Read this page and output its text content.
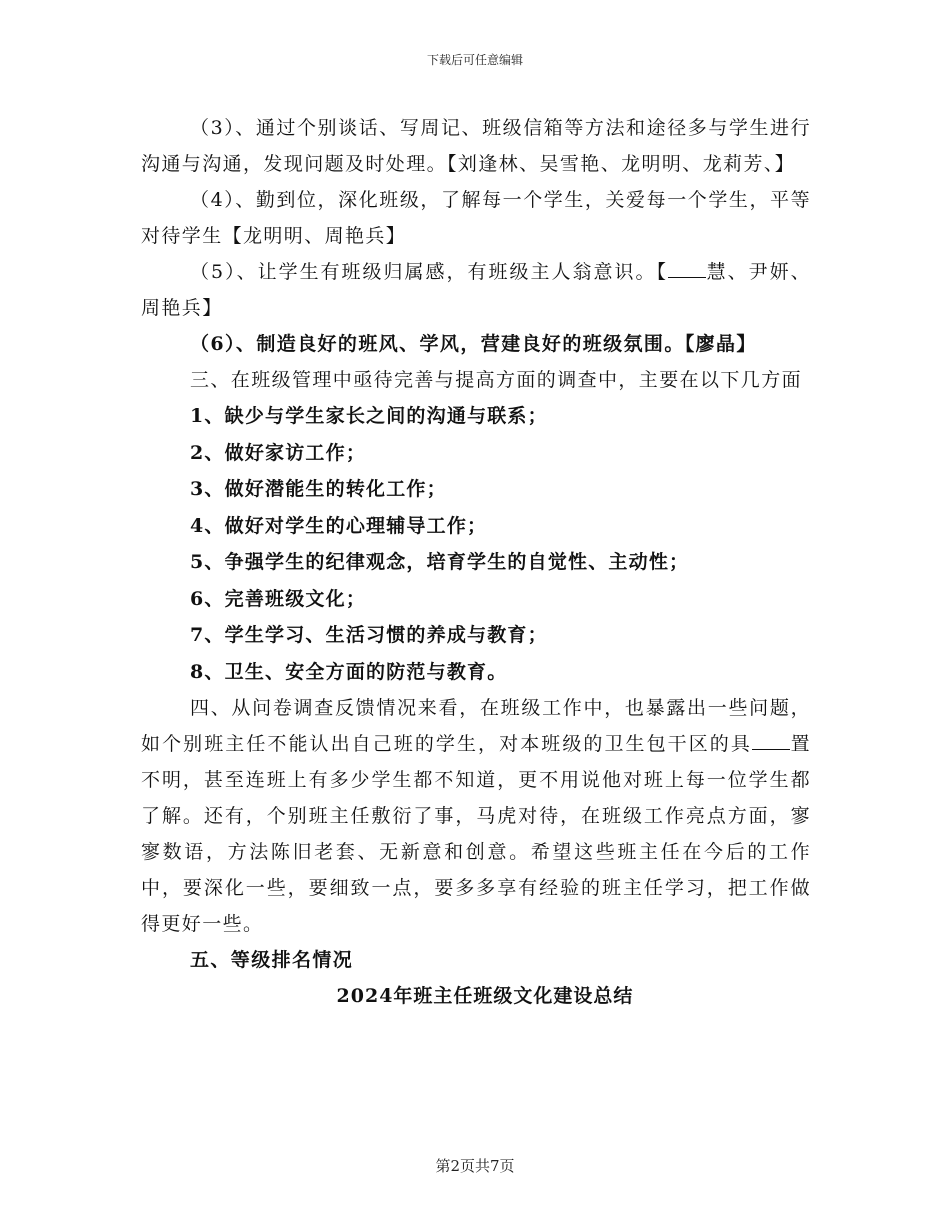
下载后可任意编辑

（3）、通过个别谈话、写周记、班级信箱等方法和途径多与学生进行沟通与沟通，发现问题及时处理。【刘逢林、吴雪艳、龙明明、龙莉芳、】

（4）、勤到位，深化班级，了解每一个学生，关爱每一个学生，平等对待学生【龙明明、周艳兵】

（5）、让学生有班级归属感，有班级主人翁意识。【 慧、尹妍、周艳兵】

（6）、制造良好的班风、学风，营建良好的班级氛围。【廖晶】

三、在班级管理中亟待完善与提高方面的调查中，主要在以下几方面

1、缺少与学生家长之间的沟通与联系；

2、做好家访工作；

3、做好潜能生的转化工作；

4、做好对学生的心理辅导工作；

5、争强学生的纪律观念，培育学生的自觉性、主动性；

6、完善班级文化；

7、学生学习、生活习惯的养成与教育；

8、卫生、安全方面的防范与教育。

四、从问卷调查反馈情况来看，在班级工作中，也暴露出一些问题，如个别班主任不能认出自己班的学生，对本班级的卫生包干区的具 置不明，甚至连班上有多少学生都不知道，更不用说他对班上每一位学生都了解。还有，个别班主任敷衍了事，马虎对待，在班级工作亮点方面，寥寥数语，方法陈旧老套、无新意和创意。希望这些班主任在今后的工作中，要深化一些，要细致一点，要多多享有经验的班主任学习，把工作做得更好一些。

五、等级排名情况

2024年班主任班级文化建设总结

第2页共7页
